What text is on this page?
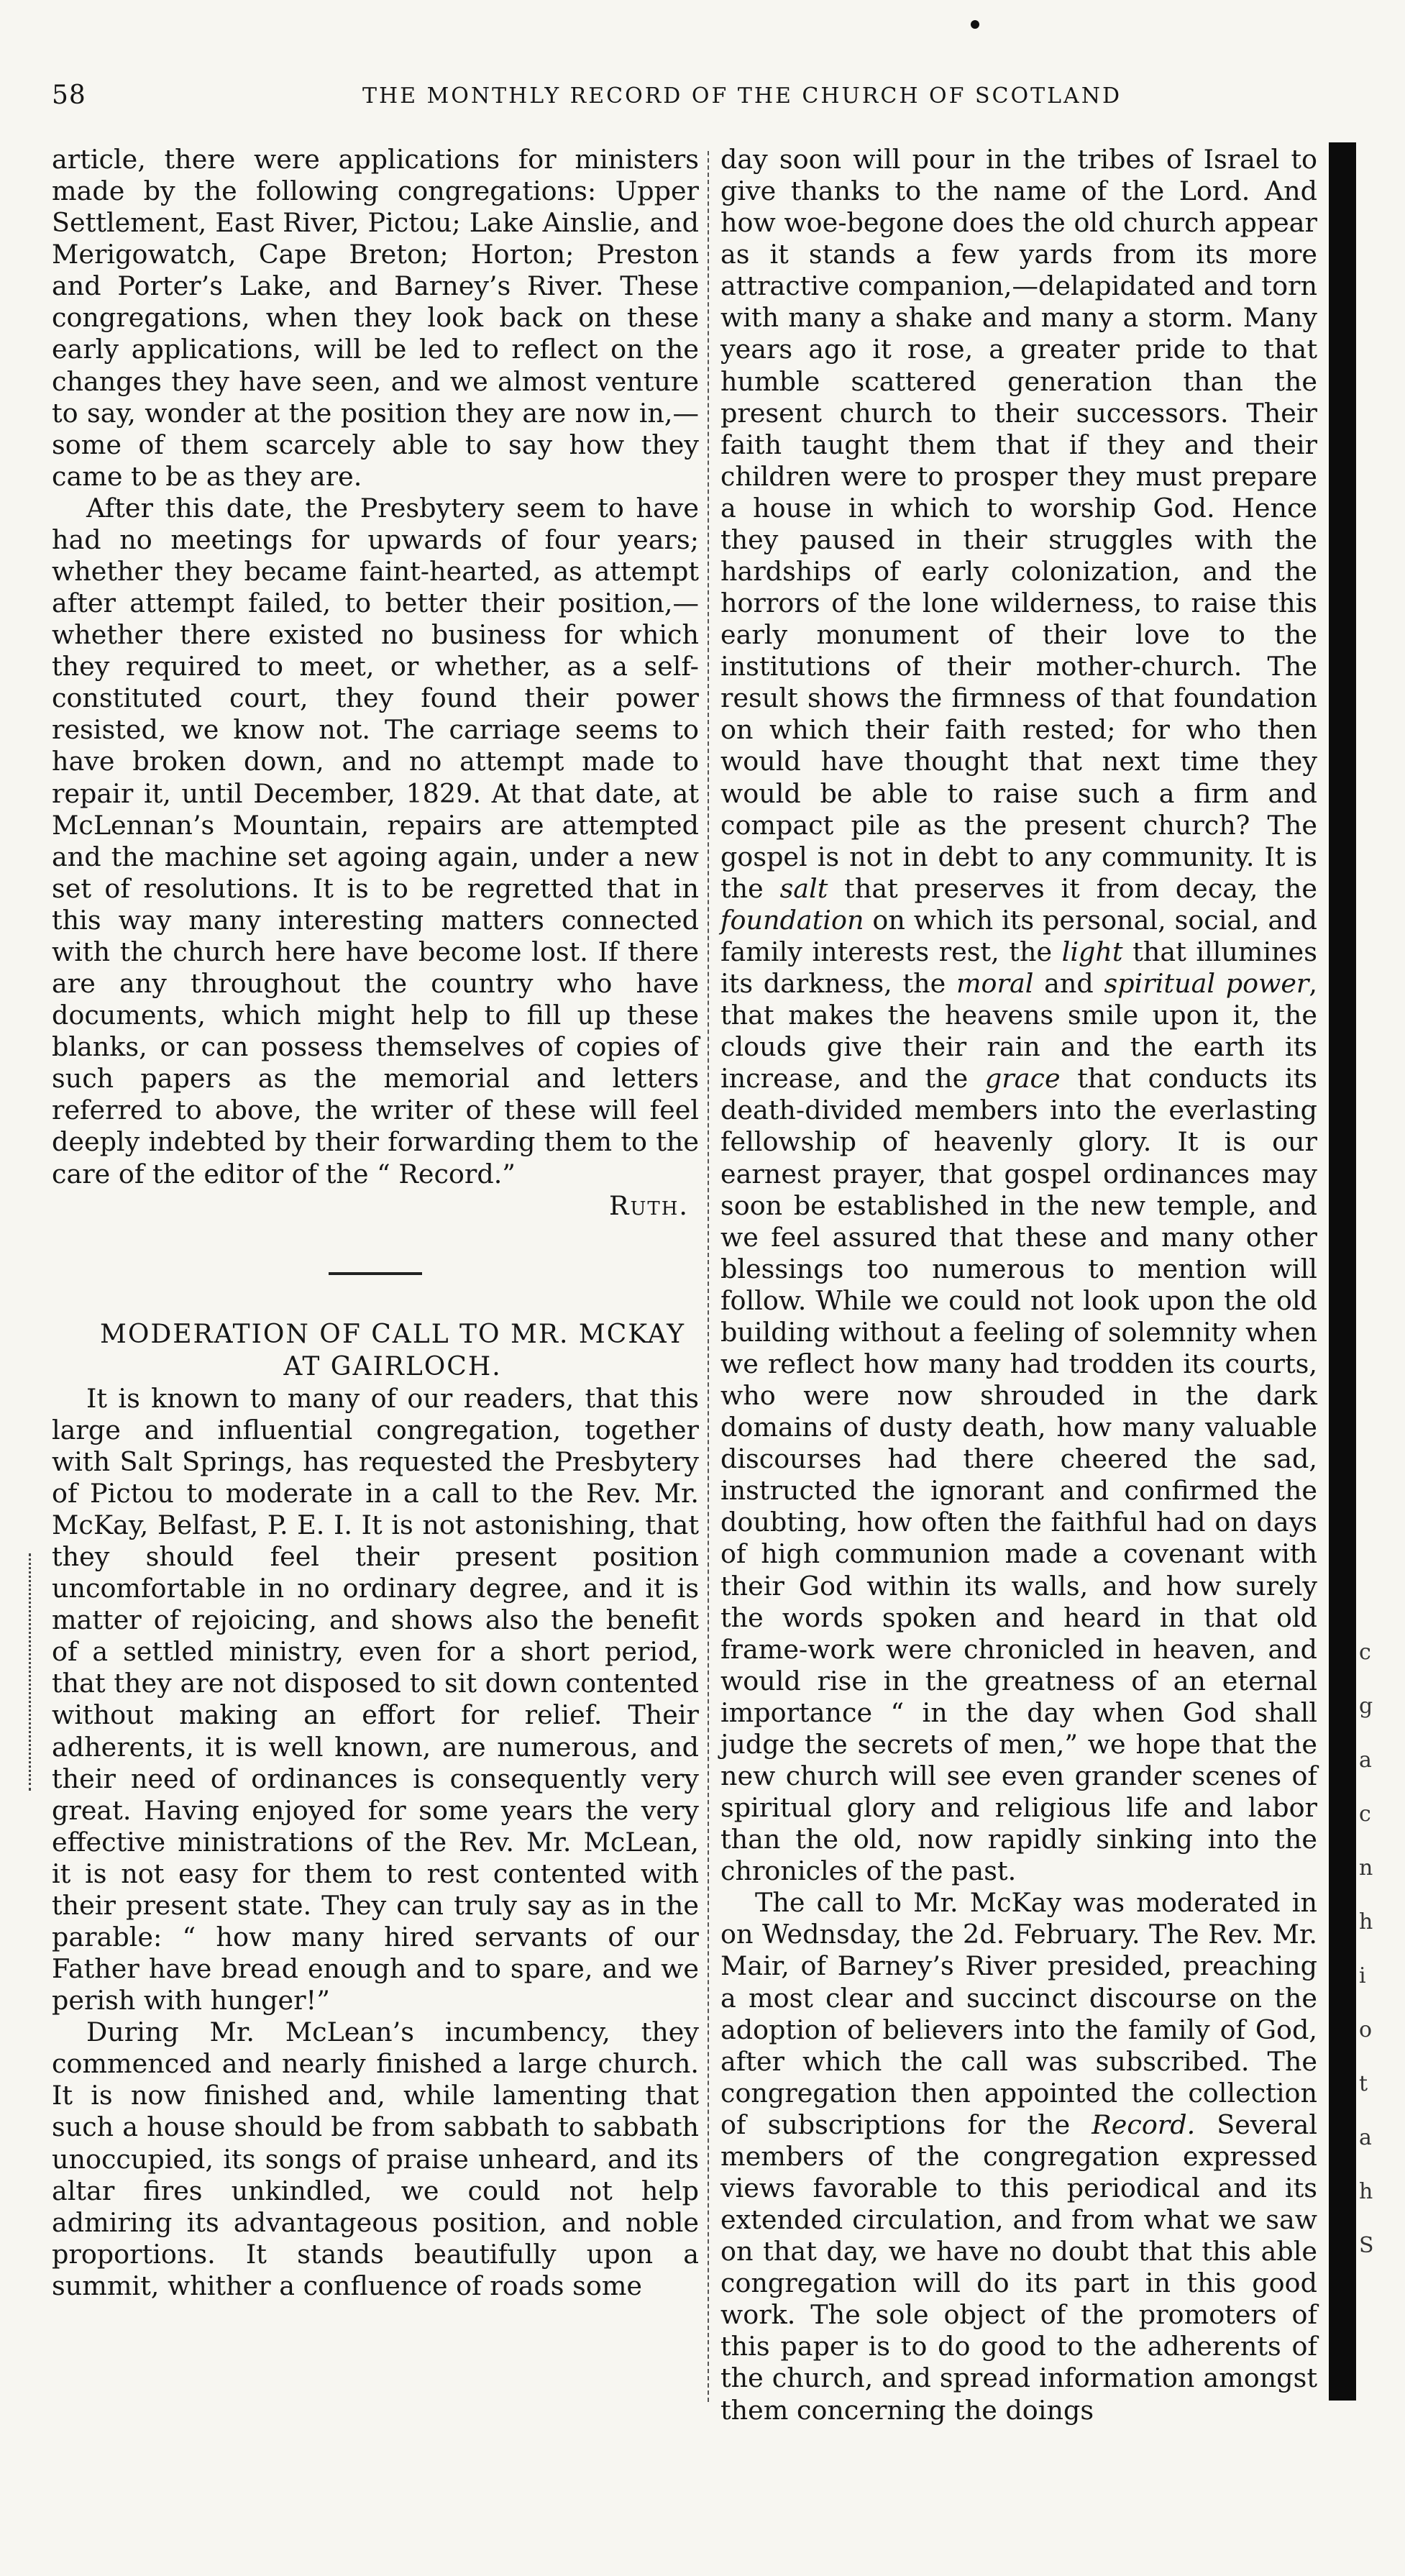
58	THE MONTHLY RECORD OF THE CHURCH OF SCOTLAND

article, there were applications for ministers made by the following congregations: Upper Settlement, East River, Pictou; Lake Ainslie, and Merigowatch, Cape Breton; Horton; Preston and Porter’s Lake, and Barney’s River. These congregations, when they look back on these early applications, will be led to reflect on the changes they have seen, and we almost venture to say, wonder at the position they are now in,—some of them scarcely able to say how they came to be as they are.

After this date, the Presbytery seem to have had no meetings for upwards of four years; whether they became faint-hearted, as attempt after attempt failed, to better their position,—whether there existed no business for which they required to meet, or whether, as a self-constituted court, they found their power resisted, we know not. The carriage seems to have broken down, and no attempt made to repair it, until December, 1829. At that date, at McLennan’s Mountain, repairs are attempted and the machine set agoing again, under a new set of resolutions. It is to be regretted that in this way many interesting matters connected with the church here have become lost. If there are any throughout the country who have documents, which might help to fill up these blanks, or can possess themselves of copies of such papers as the memorial and letters referred to above, the writer of these will feel deeply indebted by their forwarding them to the care of the editor of the “ Record.”

Ruth.

MODERATION OF CALL TO MR. MCKAY

AT GAIRLOCH.

It is known to many of our readers, that this large and influential congregation, together with Salt Springs, has requested the Presbytery of Pictou to moderate in a call to the Rev. Mr. McKay, Belfast, P. E. I. It is not astonishing, that they should feel their present position uncomfortable in no ordinary degree, and it is matter of rejoicing, and shows also the benefit of a settled ministry, even for a short period, that they are not disposed to sit down contented without making an effort for relief. Their adherents, it is well known, are numerous, and their need of ordinances is consequently very great. Having enjoyed for some years the very effective ministrations of the Rev. Mr. McLean, it is not easy for them to rest contented with their present state. They can truly say as in the parable: “ how many hired servants of our Father have bread enough and to spare, and we perish with hunger!”

During Mr. McLean’s incumbency, they commenced and nearly finished a large church. It is now finished and, while lamenting that such a house should be from sabbath to sabbath unoccupied, its songs of praise unheard, and its altar fires unkindled, we could not help admiring its advantageous position, and noble proportions. It stands beautifully upon a summit, whither a confluence of roads some

day soon will pour in the tribes of Israel to give thanks to the name of the Lord. And how woe-begone does the old church appear as it stands a few yards from its more attractive companion,—delapidated and torn with many a shake and many a storm. Many years ago it rose, a greater pride to that humble scattered generation than the present church to their successors. Their faith taught them that if they and their children were to prosper they must prepare a house in which to worship God. Hence they paused in their struggles with the hardships of early colonization, and the horrors of the lone wilderness, to raise this early monument of their love to the institutions of their mother-church. The result shows the firmness of that foundation on which their faith rested; for who then would have thought that next time they would be able to raise such a firm and compact pile as the present church? The gospel is not in debt to any community. It is the salt that preserves it from decay, the foundation on which its personal, social, and family interests rest, the light that illumines its darkness, the moral and spiritual power, that makes the heavens smile upon it, the clouds give their rain and the earth its increase, and the grace that conducts its death-divided members into the everlasting fellowship of heavenly glory. It is our earnest prayer, that gospel ordinances may soon be established in the new temple, and we feel assured that these and many other blessings too numerous to mention will follow. While we could not look upon the old building without a feeling of solemnity when we reflect how many had trodden its courts, who were now shrouded in the dark domains of dusty death, how many valuable discourses had there cheered the sad, instructed the ignorant and confirmed the doubting, how often the faithful had on days of high communion made a covenant with their God within its walls, and how surely the words spoken and heard in that old frame-work were chronicled in heaven, and would rise in the greatness of an eternal importance “ in the day when God shall judge the secrets of men,” we hope that the new church will see even grander scenes of spiritual glory and religious life and labor than the old, now rapidly sinking into the chronicles of the past.

The call to Mr. McKay was moderated in on Wednsday, the 2d. February. The Rev. Mr. Mair, of Barney’s River presided, preaching a most clear and succinct discourse on the adoption of believers into the family of God, after which the call was subscribed. The congregation then appointed the collection of subscriptions for the Record. Several members of the congregation expressed views favorable to this periodical and its extended circulation, and from what we saw on that day, we have no doubt that this able congregation will do its part in this good work. The sole object of the promoters of this paper is to do good to the adherents of the church, and spread information amongst them concerning the doings

c
g
a
c
n
h
i
o
t
a
h
S
